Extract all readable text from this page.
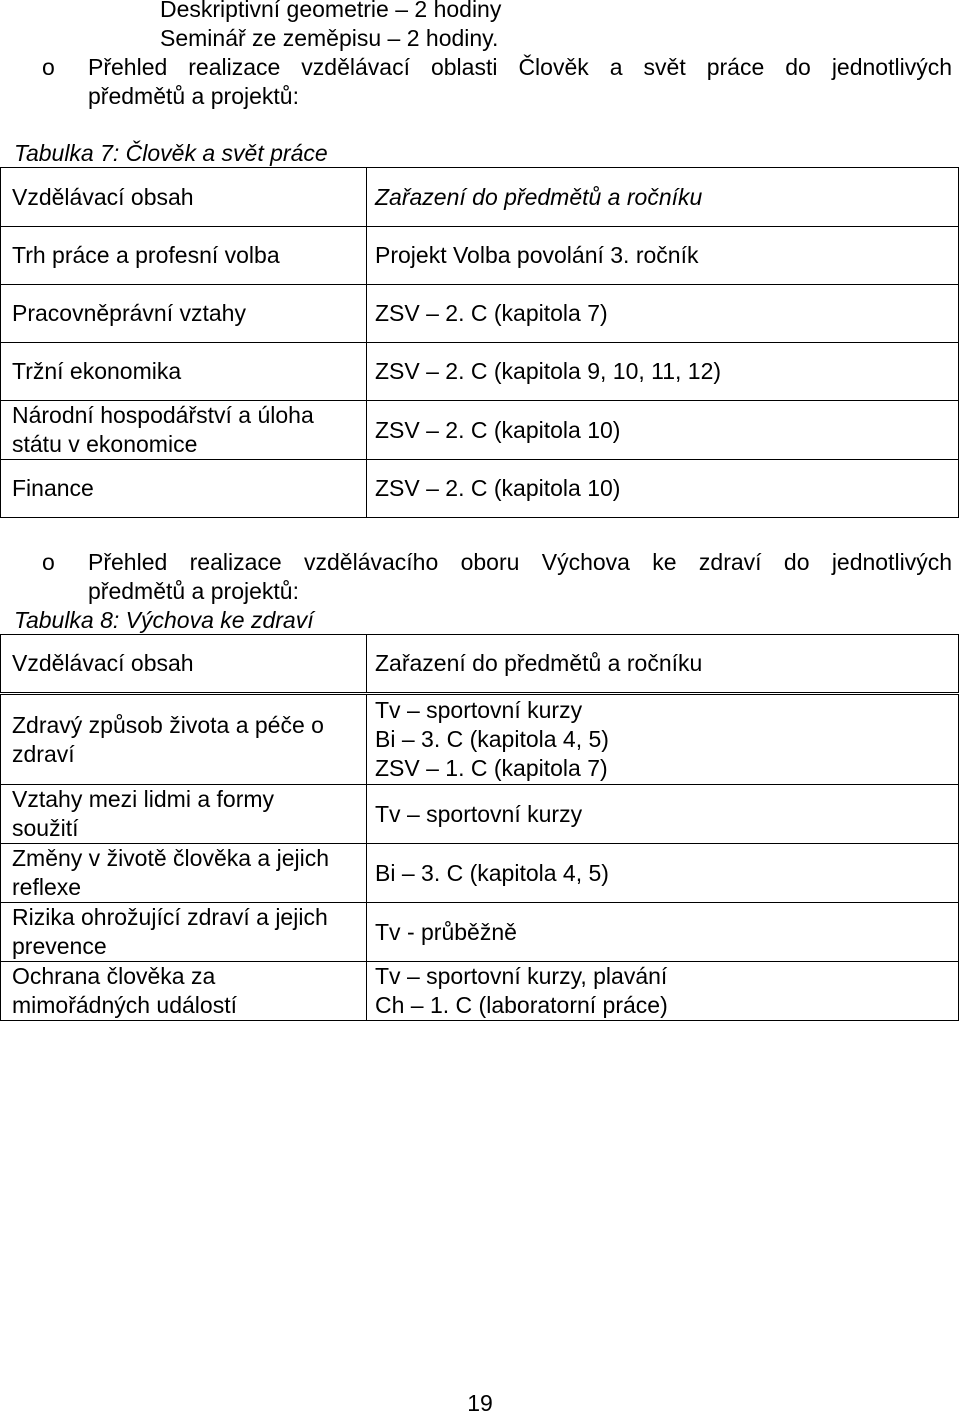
Deskriptivní geometrie – 2 hodiny
Seminář ze zeměpisu – 2 hodiny.
o Přehled realizace vzdělávací oblasti Člověk a svět práce do jednotlivých
předmětů a projektů:
Tabulka 7: Člověk a svět práce
Vzdělávací obsah	Zařazení do předmětů a ročníku
Trh práce a profesní volba	Projekt Volba povolání 3. ročník
Pracovněprávní vztahy	ZSV – 2. C (kapitola 7)
Tržní ekonomika	ZSV – 2. C (kapitola 9, 10, 11, 12)
Národní hospodářství a úloha státu v ekonomice	ZSV – 2. C (kapitola 10)
Finance	ZSV – 2. C (kapitola 10)
o Přehled realizace vzdělávacího oboru Výchova ke zdraví do jednotlivých
předmětů a projektů:
Tabulka 8: Výchova ke zdraví
Vzdělávací obsah	Zařazení do předmětů a ročníku
Zdravý způsob života a péče o zdraví	Tv – sportovní kurzy
Bi – 3. C (kapitola 4, 5)
ZSV – 1. C (kapitola 7)

Vztahy mezi lidmi a formy soužití	Tv – sportovní kurzy

Změny v životě člověka a jejich reflexe	Bi – 3. C (kapitola 4, 5)

Rizika ohrožující zdraví a jejich prevence	Tv - průběžně

Ochrana člověka za mimořádných událostí	Tv – sportovní kurzy, plavání
Ch – 1. C (laboratorní práce)
19
